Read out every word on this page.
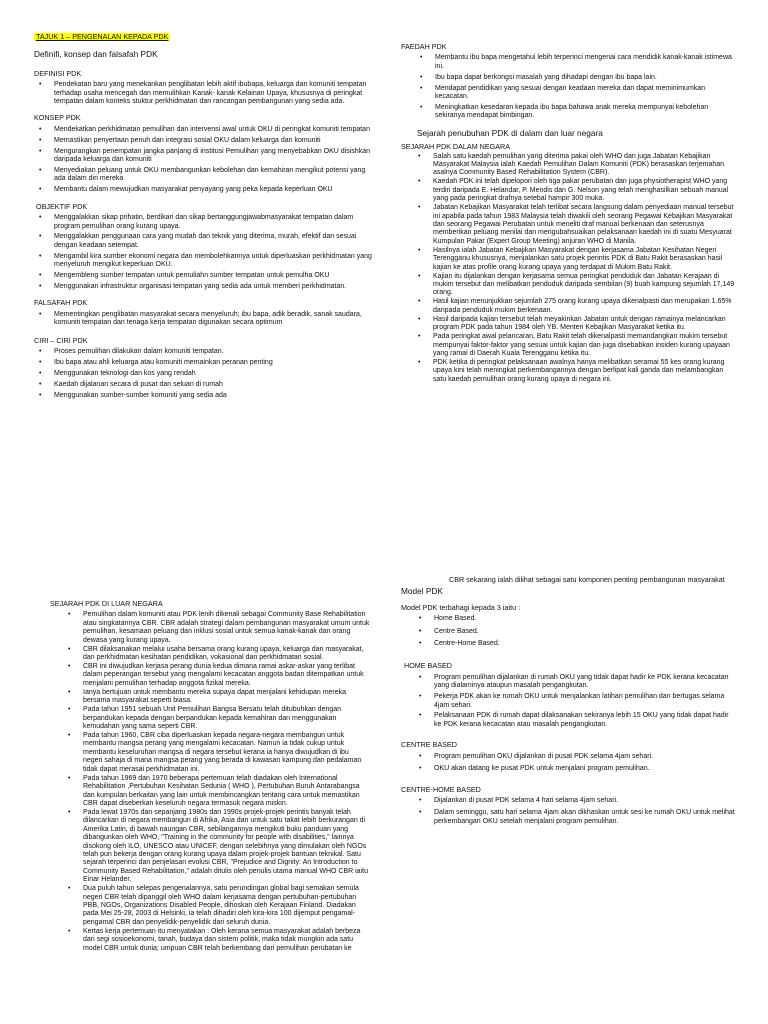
TAJUK 1 – PENGENALAN KEPADA PDK

Definifi, konsep dan falsafah PDK

DEFINISI PDK

• Pendekatan baru yang menekankan penglibatan lebih aktif ibubapa, keluarga dan komuniti tempatan terhadap usaha mencegah dan memulihkan Kanak- kanak Kelainan Upaya, khususnya di peringkat tempatan dalam konteks stuktur perkhidmatan dan rancangan pembangunan yang sedia ada.

KONSEP PDK

• Mendekatkan perkhidmatan pemulihan dan intervensi awal untuk OKU di peringkat komuniti tempatan
• Memastikan penyertaan penuh dan integrasi sosial OKU dalam keluarga dan komuniti
• Mengurangkan penempatan jangka panjang di institusi Pemulihan yang menyebabkan OKU disishkan daripada keluarga dan komuniti
• Menyediakan peluang untuk OKU membangunkan kebolehan dan kemahiran mengikut potensi yang ada dalam diri mereka
• Membantu dalam mewujudkan masyarakat penyayang yang peka kepada keperluan OKU

OBJEKTIF PDK

• Menggalakkan sikap prihatin, berdikari dan sikap bertanggungjawabmasyarakat tempatan dalam program pemulihan orang kurang upaya.
• Menggalakkan penggunaan cara yang mudah dan teknik yang diterima, murah, efektif dan sesuai dengan keadaan setempat.
• Mengambil kira sumber ekonomi negara dan membolehkannya untuk diperluaskan perkhidmatan yang menyeluruh mengikut keperluan OKU.
• Mengembleng sumber tempatan untuk pemuliahn sumber tempatan untuk pemulha OKU
• Menggunakan infrastruktur organisasi tempatan yang sedia ada untuk memberi perkhidmatan.

FALSAFAH PDK

• Mementingkan penglibatan masyarakat secara menyeluruh; ibu bapa, adik beradik, sanak saudara, komuniti tempatan dan tenaga kerja tempatan digunakan secara optimum

CIRI – CIRI PDK

• Proses pemulihan dilakukan dalam komuniti tempatan.
• Ibu bapa atau ahli keluarga atau komuniti memainkan peranan penting
• Menggunakan teknologi dan kos yang rendah
• Kaedah dijalanan secara di pusat dan seluan di rumah
• Menggunakan sumber-sumber komuniti yang sedia ada

FAEDAH PDK

• Membantu ibu bapa mengetahui lebih terperinci mengenai cara mendidik kanak-kanak istimewa ini.
• Ibu bapa dapat berkongsi masalah yang dihadapi dengan ibu bapa lain.
• Mendapat pendidikan yang sesuai dengan keadaan mereka dan dapat meminimumkan kecacatan.
• Meningkatkan kesedaran kepada ibu bapa bahawa anak mereka mempunyai kebolehan sekiranya mendapat bimbingan.

Sejarah penubuhan PDK di dalam dan luar negara

SEJARAH PDK DALAM NEGARA

• Salah satu kaedah pemulihan yang diterima pakai oleh WHO dan juga Jabatan Kebajikan Masyarakat Malaysia ialah Kaedah Pemulihan Dalam Komuniti (PDK) berasaskan terjemahan asalnya Community Based Rehabilitation System (CBR).
• Kaedah PDK ini telah dipelopori oleh tiga pakar perubatan dan juga physiotherapist WHO yang terdiri daripada E. Helandar, P. Mendis dan G. Nelson yang telah menghasilkan sebuah manual yang pada peringkat drafnya setebal hampir 300 muka.
• Jabatan Kebajikan Masyarakat telah terlibat secara langsung dalam penyediaan manual tersebut ini apabila pada tahun 1983 Malaysia telah diwakili oleh seorang Pegawai Kebajikan Masyarakat dan seorang Pegawai Perubatan untuk meneliti draf manual berkenaan dan seterusnya memberikan peluang menilai dan mengubahsuaikan pelaksanaan kaedah ini di suatu Mesyuarat Kumpulan Pakar (Expert Group Meeting) anjuran WHO di Manila.
• Hasilnya ialah Jabatan Kebajikan Masyarakat dengan kerjasama Jabatan Kesihatan Negeri Terengganu khususnya, menjalankan satu projek perintis PDK di Batu Rakit berasaskan hasil kajian ke atas profile orang kurang upaya yang terdapat di Mukim Batu Rakit.
• Kajian itu dijalankan dengan kerjasama semua peringkat penduduk dan Jabatan Kerajaan di mukim tersebut dan melibatkan penduduk daripada sembilan (9) buah kampung sejumlah 17,149 orang.
• Hasil kajian menunjukkan sejumlah 275 orang kurang upaya dikenalpasti dan merupakan 1.65% daripada penduduk mukim berkenaan.
• Hasil daripada kajian tersebut telah meyakinkan Jabatan untuk dengan ramainya melancarkan program PDK pada tahun 1984 oleh YB. Menteri Kebajikan Masyarakat ketika itu.
• Pada peringkat awal pelancaran, Batu Rakit telah dikenalpasti memandangkan mukim tersebut mempunyai faktor-faktor yang sesuai untuk kajian dan juga disebabkan insiden kurang upayaan yang ramai di Daerah Kuala Terengganu ketika itu.
• PDK ketika di peringkat pelaksanaan awalnya hanya melibatkan seramai 55 kes orang kurang upaya kini telah meningkat perkembangannya dengan berlipat kali ganda dan melambangkan satu kaedah pemulihan orang kurang upaya di negara ini.

SEJARAH PDK DI LUAR NEGARA

• Pemulihan dalam komuniti atau PDK lenih dikenali sebagai Community Base Rehabilitation atau singkatannya CBR. CBR adalah strategi dalam pembangunan masyarakat umum untuk pemulihan, kesamaan peluang dan inklusi sosial untuk semua kanak-kanak dan orang dewasa yang kurang upaya.
• CBR dilaksanakan melalui usaha bersama orang kurang upaya, keluarga dan masyarakat, dan perkhidmatan kesihatan pendidikan, vokasional dan perkhidmatan sosial.
• CBR ini diwujudkan kerjasa perang dunia kedua dimana ramai askar-askar yang terlibat dalam peperangan tersebut yang mengalami kecacatan anggota badan ditempatkan untuk menjalani pemulihan terhadap anggota fizikal mereka.
• Ianya bertujuan untuk membantu mereka supaya dapat menjalani kehidupan mereka bersama masyarakat seperti biasa.
• Pada tahun 1951 sebuah Unit Pemulihan Bangsa Bersatu telah ditubuhkan dengan berpandukan kepada dengan berpandukan kepada kemahiran dan menggunakan kemudahan yang sama seperti CBR.
• Pada tahun 1960, CBR ciba diperluaskan kepada negara-negara membangun untuk membantu mangsa perang yang mengalami kecacatan. Namun ia tidak cukup untuk membantu keseluruhan mangsa di negara tersebut kerana ia hanya diwujudkan di ibu negeri sahaja di mana mangsa perang yang berada di kawasan kampung dan pedalaman tidak dapat merasai perkhidmatan ini.
• Pada tahun 1969 dan 1970 beberapa pertemuan telah diadakan oleh International Rehabilitation ,Pertubuhan Kesihatan Sedunia ( WHO ), Pertubuhan Buruh Antarabangsa dan kumpulan berkaitan yang lain untuk membincangkan tentang cara untuk memastikan CBR dapat diseberkan keseluruh negara termasuk negara miskin.
• Pada lewat 1970s dan sepanjang 1980s dan 1990s projek-projek perintis banyak telah dilancarkan di negara membangun di Afrika, Asia dan untuk satu takat lebih berkurangan di Amerika Latin, di bawah naungan CBR, sebilangannya mengikuti buku panduan yang dibangunkan oleh WHO, "Training in the community for people with disabilities," lainnya disokong oleh ILO, UNESCO atau UNICEF, dengan selebihnya yang dimulakan oleh NGOs telah pun bekerja dengan orang kurang upaya dalam projek-projek bantuan teknikal. Satu sejarah terperinci dan penjelasan evolusi CBR, "Prejudice and Dignity: An Introduction to Community Based Rehabilitation," adalah ditulis oleh penulis utama manual WHO CBR iaitu Einar Helander.
• Dua puluh tahun selepas pengenalannya, satu perundingan global bagi semakan semula negeri CBR telah dipanggil oleh WHO dalam kerjasama dengan pertubuhan-pertubuhan PBB, NGOs, Organizations Disabled People, dihoskan oleh Kerajaan Finland. Diadakan pada Mei 25-28, 2003 di Helsinki, ia telah dihadiri oleh kira-kira 100 dijemput pengamal-pengamal CBR dan penyelidik-penyelidik dari seluruh dunia.
• Kertas kerja pertemuan itu menyatakan : Oleh kerana semua masyarakat adalah berbeza dari segi sosioekonomi, tanah, budaya dan sistem politik, maka tidak mungkin ada satu model CBR untuk dunia; umpuan CBR telah berkembang dari pemulihan perubatan ke

CBR sekarang ialah dilihat sebagai satu komponen penting pembangunan masyarakat

Model PDK

Model PDK terbahagi kepada 3 iaitu :

• Home Based.
• Centre Based.
• Centre-Home Based.

HOME BASED

• Program pemulihan dijalankan di rumah OKU yang tidak dapat hadir ke PDK kerana kecacatan yang dialaminya ataupun masalah pengangkutan.
• Pekerja PDK akan ke rumah OKU untuk menjalankan latihan pemulihan dan bertugas selama 4jam sehari.
• Pelaksanaan PDK di rumah dapat dilaksanakan sekiranya lebih 15 OKU yang tidak dapat hadir ke PDK kerana kecacatan atau masalah pengangkutan.

CENTRE BASED

• Program pemulihan OKU dijalankan di pusat PDK selama 4jam sehari.
• OKU akan datang ke pusat PDK untuk menjalani program pemulihan.

CENTRE-HOME BASED

• Dijalankan di pusat PDK selama 4 hari selama 4jam sehari.
• Dalam seminggu, satu hari selama 4jam akan dikhaskan untuk sesi ke rumah OKU untuk melihat perkembangan OKU setelah menjalani program pemulihan.
